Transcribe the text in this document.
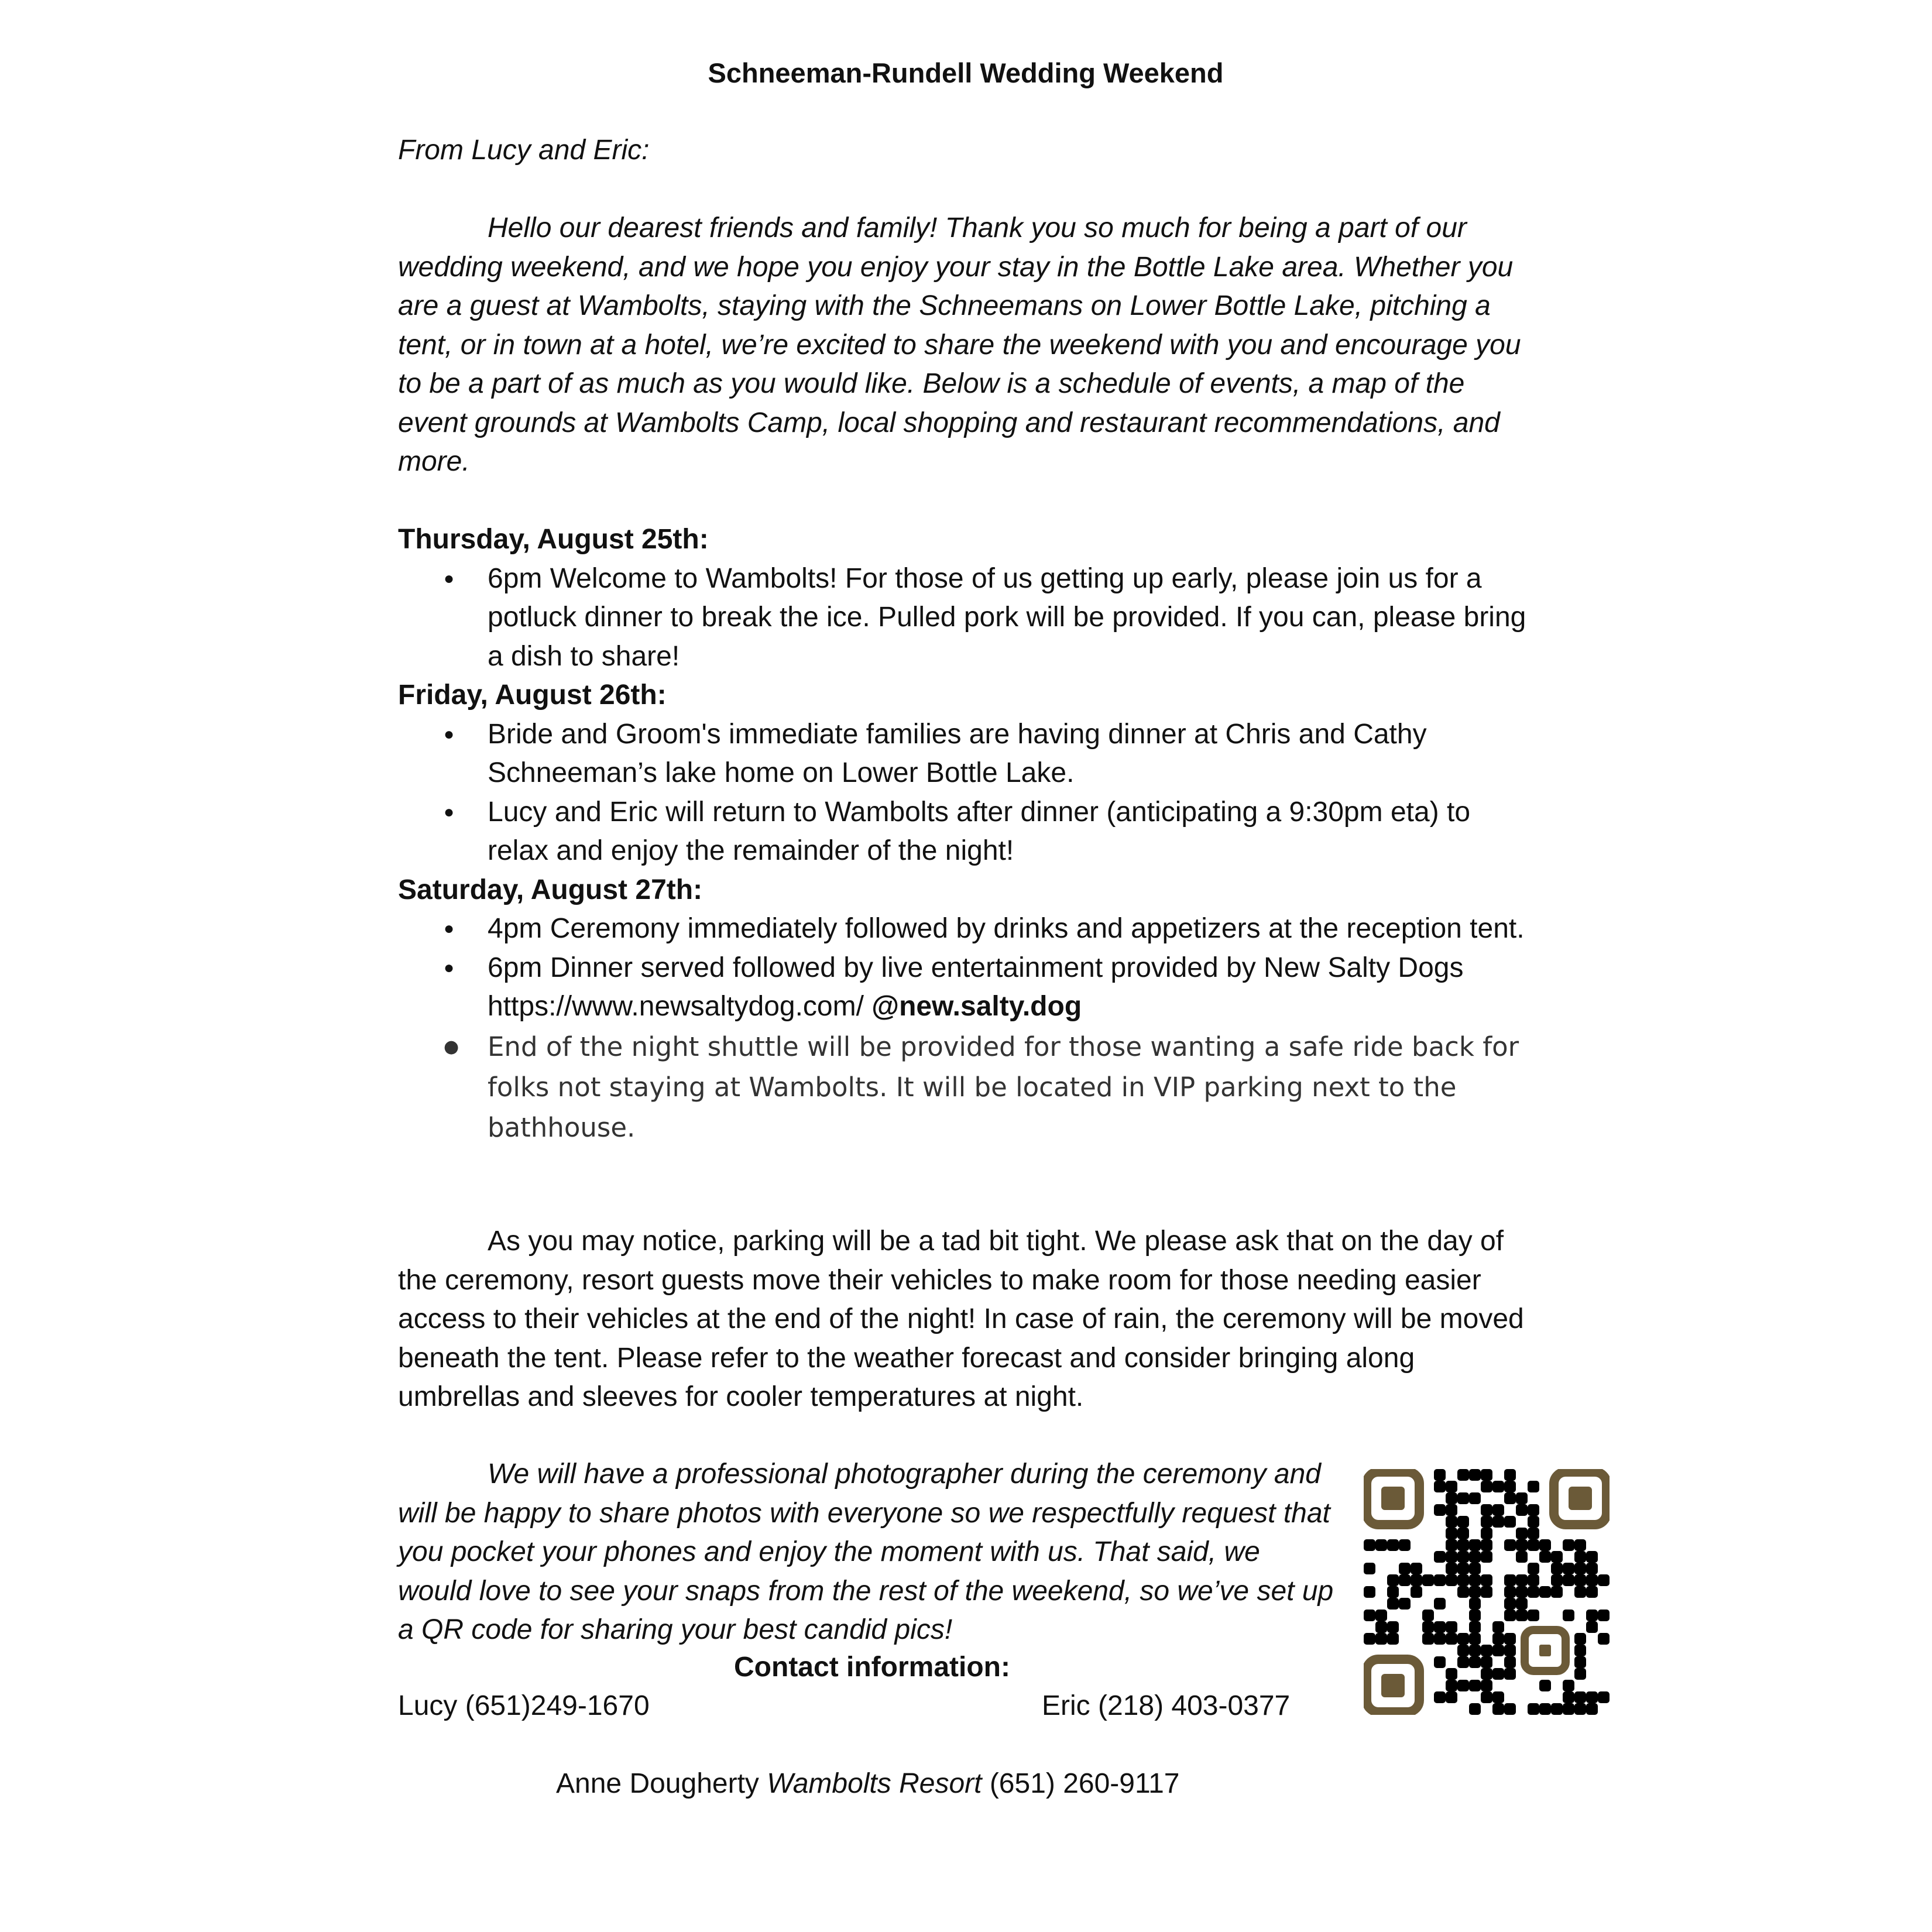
Schneeman-Rundell Wedding Weekend

From Lucy and Eric:

Hello our dearest friends and family! Thank you so much for being a part of our wedding weekend, and we hope you enjoy your stay in the Bottle Lake area. Whether you are a guest at Wambolts, staying with the Schneemans on Lower Bottle Lake, pitching a tent, or in town at a hotel, we’re excited to share the weekend with you and encourage you to be a part of as much as you would like. Below is a schedule of events, a map of the event grounds at Wambolts Camp, local shopping and restaurant recommendations, and more.

Thursday, August 25th:

● 6pm Welcome to Wambolts! For those of us getting up early, please join us for a potluck dinner to break the ice. Pulled pork will be provided. If you can, please bring a dish to share!

Friday, August 26th:

● Bride and Groom's immediate families are having dinner at Chris and Cathy Schneeman’s lake home on Lower Bottle Lake.
● Lucy and Eric will return to Wambolts after dinner (anticipating a 9:30pm eta) to relax and enjoy the remainder of the night!

Saturday, August 27th:

● 4pm Ceremony immediately followed by drinks and appetizers at the reception tent.
● 6pm Dinner served followed by live entertainment provided by New Salty Dogs
https://www.newsaltydog.com/ @new.salty.dog
● End of the night shuttle will be provided for those wanting a safe ride back for folks not staying at Wambolts. It will be located in VIP parking next to the bathhouse.

As you may notice, parking will be a tad bit tight. We please ask that on the day of the ceremony, resort guests move their vehicles to make room for those needing easier access to their vehicles at the end of the night! In case of rain, the ceremony will be moved beneath the tent. Please refer to the weather forecast and consider bringing along umbrellas and sleeves for cooler temperatures at night.

We will have a professional photographer during the ceremony and will be happy to share photos with everyone so we respectfully request that you pocket your phones and enjoy the moment with us. That said, we would love to see your snaps from the rest of the weekend, so we’ve set up a QR code for sharing your best candid pics!

Contact information:

Lucy (651)249-1670	Eric (218) 403-0377

Anne Dougherty Wambolts Resort (651) 260-9117
